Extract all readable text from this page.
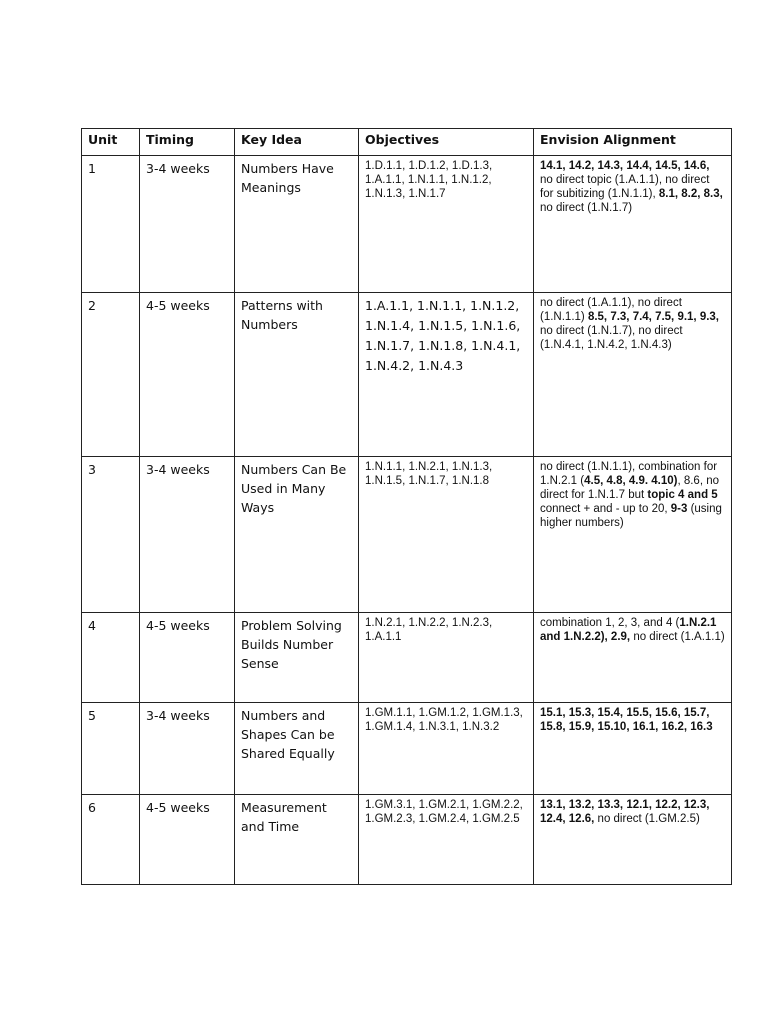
Unit	Timing	Key Idea	Objectives	Envision Alignment
1	3-4 weeks	Numbers Have Meanings	1.D.1.1, 1.D.1.2, 1.D.1.3, 1.A.1.1, 1.N.1.1, 1.N.1.2, 1.N.1.3, 1.N.1.7	14.1, 14.2, 14.3, 14.4, 14.5, 14.6, no direct topic (1.A.1.1), no direct for subitizing (1.N.1.1), 8.1, 8.2, 8.3, no direct (1.N.1.7)
2	4-5 weeks	Patterns with Numbers	1.A.1.1, 1.N.1.1, 1.N.1.2, 1.N.1.4, 1.N.1.5, 1.N.1.6, 1.N.1.7, 1.N.1.8, 1.N.4.1, 1.N.4.2, 1.N.4.3	no direct (1.A.1.1), no direct (1.N.1.1) 8.5, 7.3, 7.4, 7.5, 9.1, 9.3, no direct (1.N.1.7), no direct (1.N.4.1, 1.N.4.2, 1.N.4.3)
3	3-4 weeks	Numbers Can Be Used in Many Ways	1.N.1.1, 1.N.2.1, 1.N.1.3, 1.N.1.5, 1.N.1.7, 1.N.1.8	no direct (1.N.1.1), combination for 1.N.2.1 (4.5, 4.8, 4.9. 4.10), 8.6, no direct for 1.N.1.7 but topic 4 and 5 connect + and - up to 20, 9-3 (using higher numbers)
4	4-5 weeks	Problem Solving Builds Number Sense	1.N.2.1, 1.N.2.2, 1.N.2.3, 1.A.1.1	combination 1, 2, 3, and 4 (1.N.2.1 and 1.N.2.2), 2.9, no direct (1.A.1.1)
5	3-4 weeks	Numbers and Shapes Can be Shared Equally	1.GM.1.1, 1.GM.1.2, 1.GM.1.3, 1.GM.1.4, 1.N.3.1, 1.N.3.2	15.1, 15.3, 15.4, 15.5, 15.6, 15.7, 15.8, 15.9, 15.10, 16.1, 16.2, 16.3
6	4-5 weeks	Measurement and Time	1.GM.3.1, 1.GM.2.1, 1.GM.2.2, 1.GM.2.3, 1.GM.2.4, 1.GM.2.5	13.1, 13.2, 13.3, 12.1, 12.2, 12.3, 12.4, 12.6, no direct (1.GM.2.5)
